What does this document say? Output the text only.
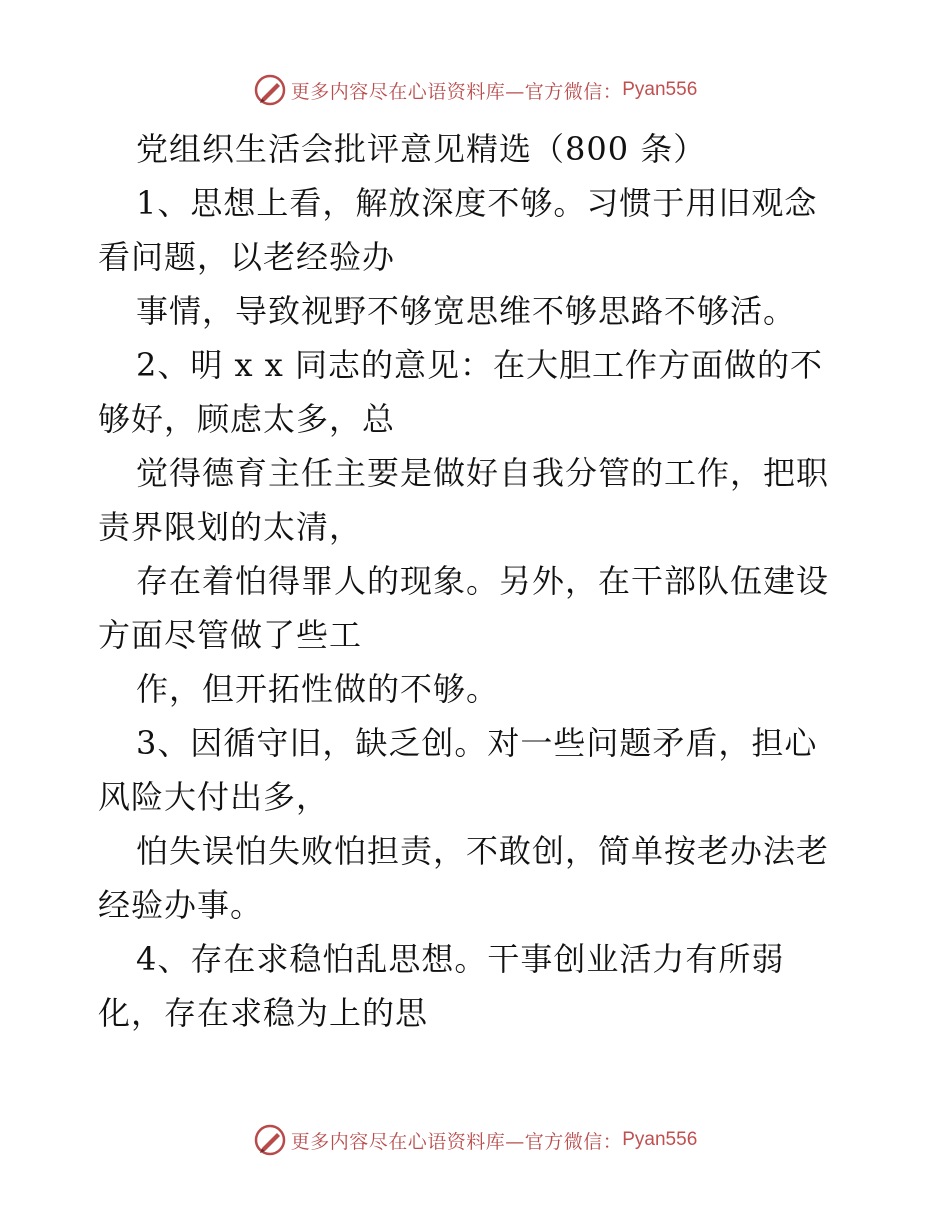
更多内容尽在心语资料库—官方微信： Pyan556
党组织生活会批评意见精选（800 条）
1、思想上看，解放深度不够。习惯于用旧观念
看问题，以老经验办
事情，导致视野不够宽思维不够思路不够活。
2、明 x x 同志的意见：在大胆工作方面做的不
够好，顾虑太多，总
觉得德育主任主要是做好自我分管的工作，把职
责界限划的太清，
存在着怕得罪人的现象。另外，在干部队伍建设
方面尽管做了些工
作，但开拓性做的不够。
3、因循守旧，缺乏创。对一些问题矛盾，担心
风险大付出多，
怕失误怕失败怕担责，不敢创，简单按老办法老
经验办事。
4、存在求稳怕乱思想。干事创业活力有所弱
化，存在求稳为上的思
更多内容尽在心语资料库—官方微信： Pyan556
